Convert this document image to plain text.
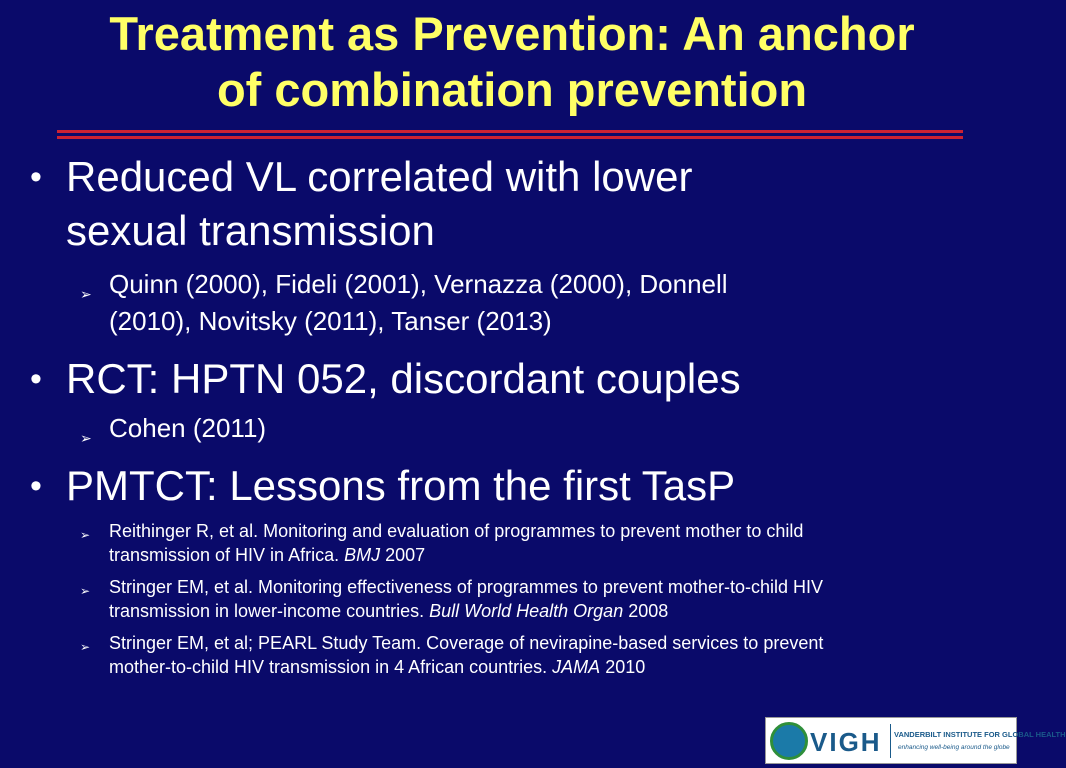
Treatment as Prevention: An anchor
of combination prevention
• Reduced VL correlated with lower
sexual transmission
➢ Quinn (2000), Fideli (2001), Vernazza (2000), Donnell
(2010), Novitsky (2011), Tanser (2013)
• RCT: HPTN 052, discordant couples
➢ Cohen (2011)
• PMTCT: Lessons from the first TasP
➢ Reithinger R, et al. Monitoring and evaluation of programmes to prevent mother to child
transmission of HIV in Africa. BMJ 2007
➢ Stringer EM, et al. Monitoring effectiveness of programmes to prevent mother-to-child HIV
transmission in lower-income countries. Bull World Health Organ 2008
➢ Stringer EM, et al; PEARL Study Team. Coverage of nevirapine-based services to prevent
mother-to-child HIV transmission in 4 African countries. JAMA 2010
VIGH VANDERBILT INSTITUTE FOR GLOBAL HEALTH
enhancing well-being around the globe
